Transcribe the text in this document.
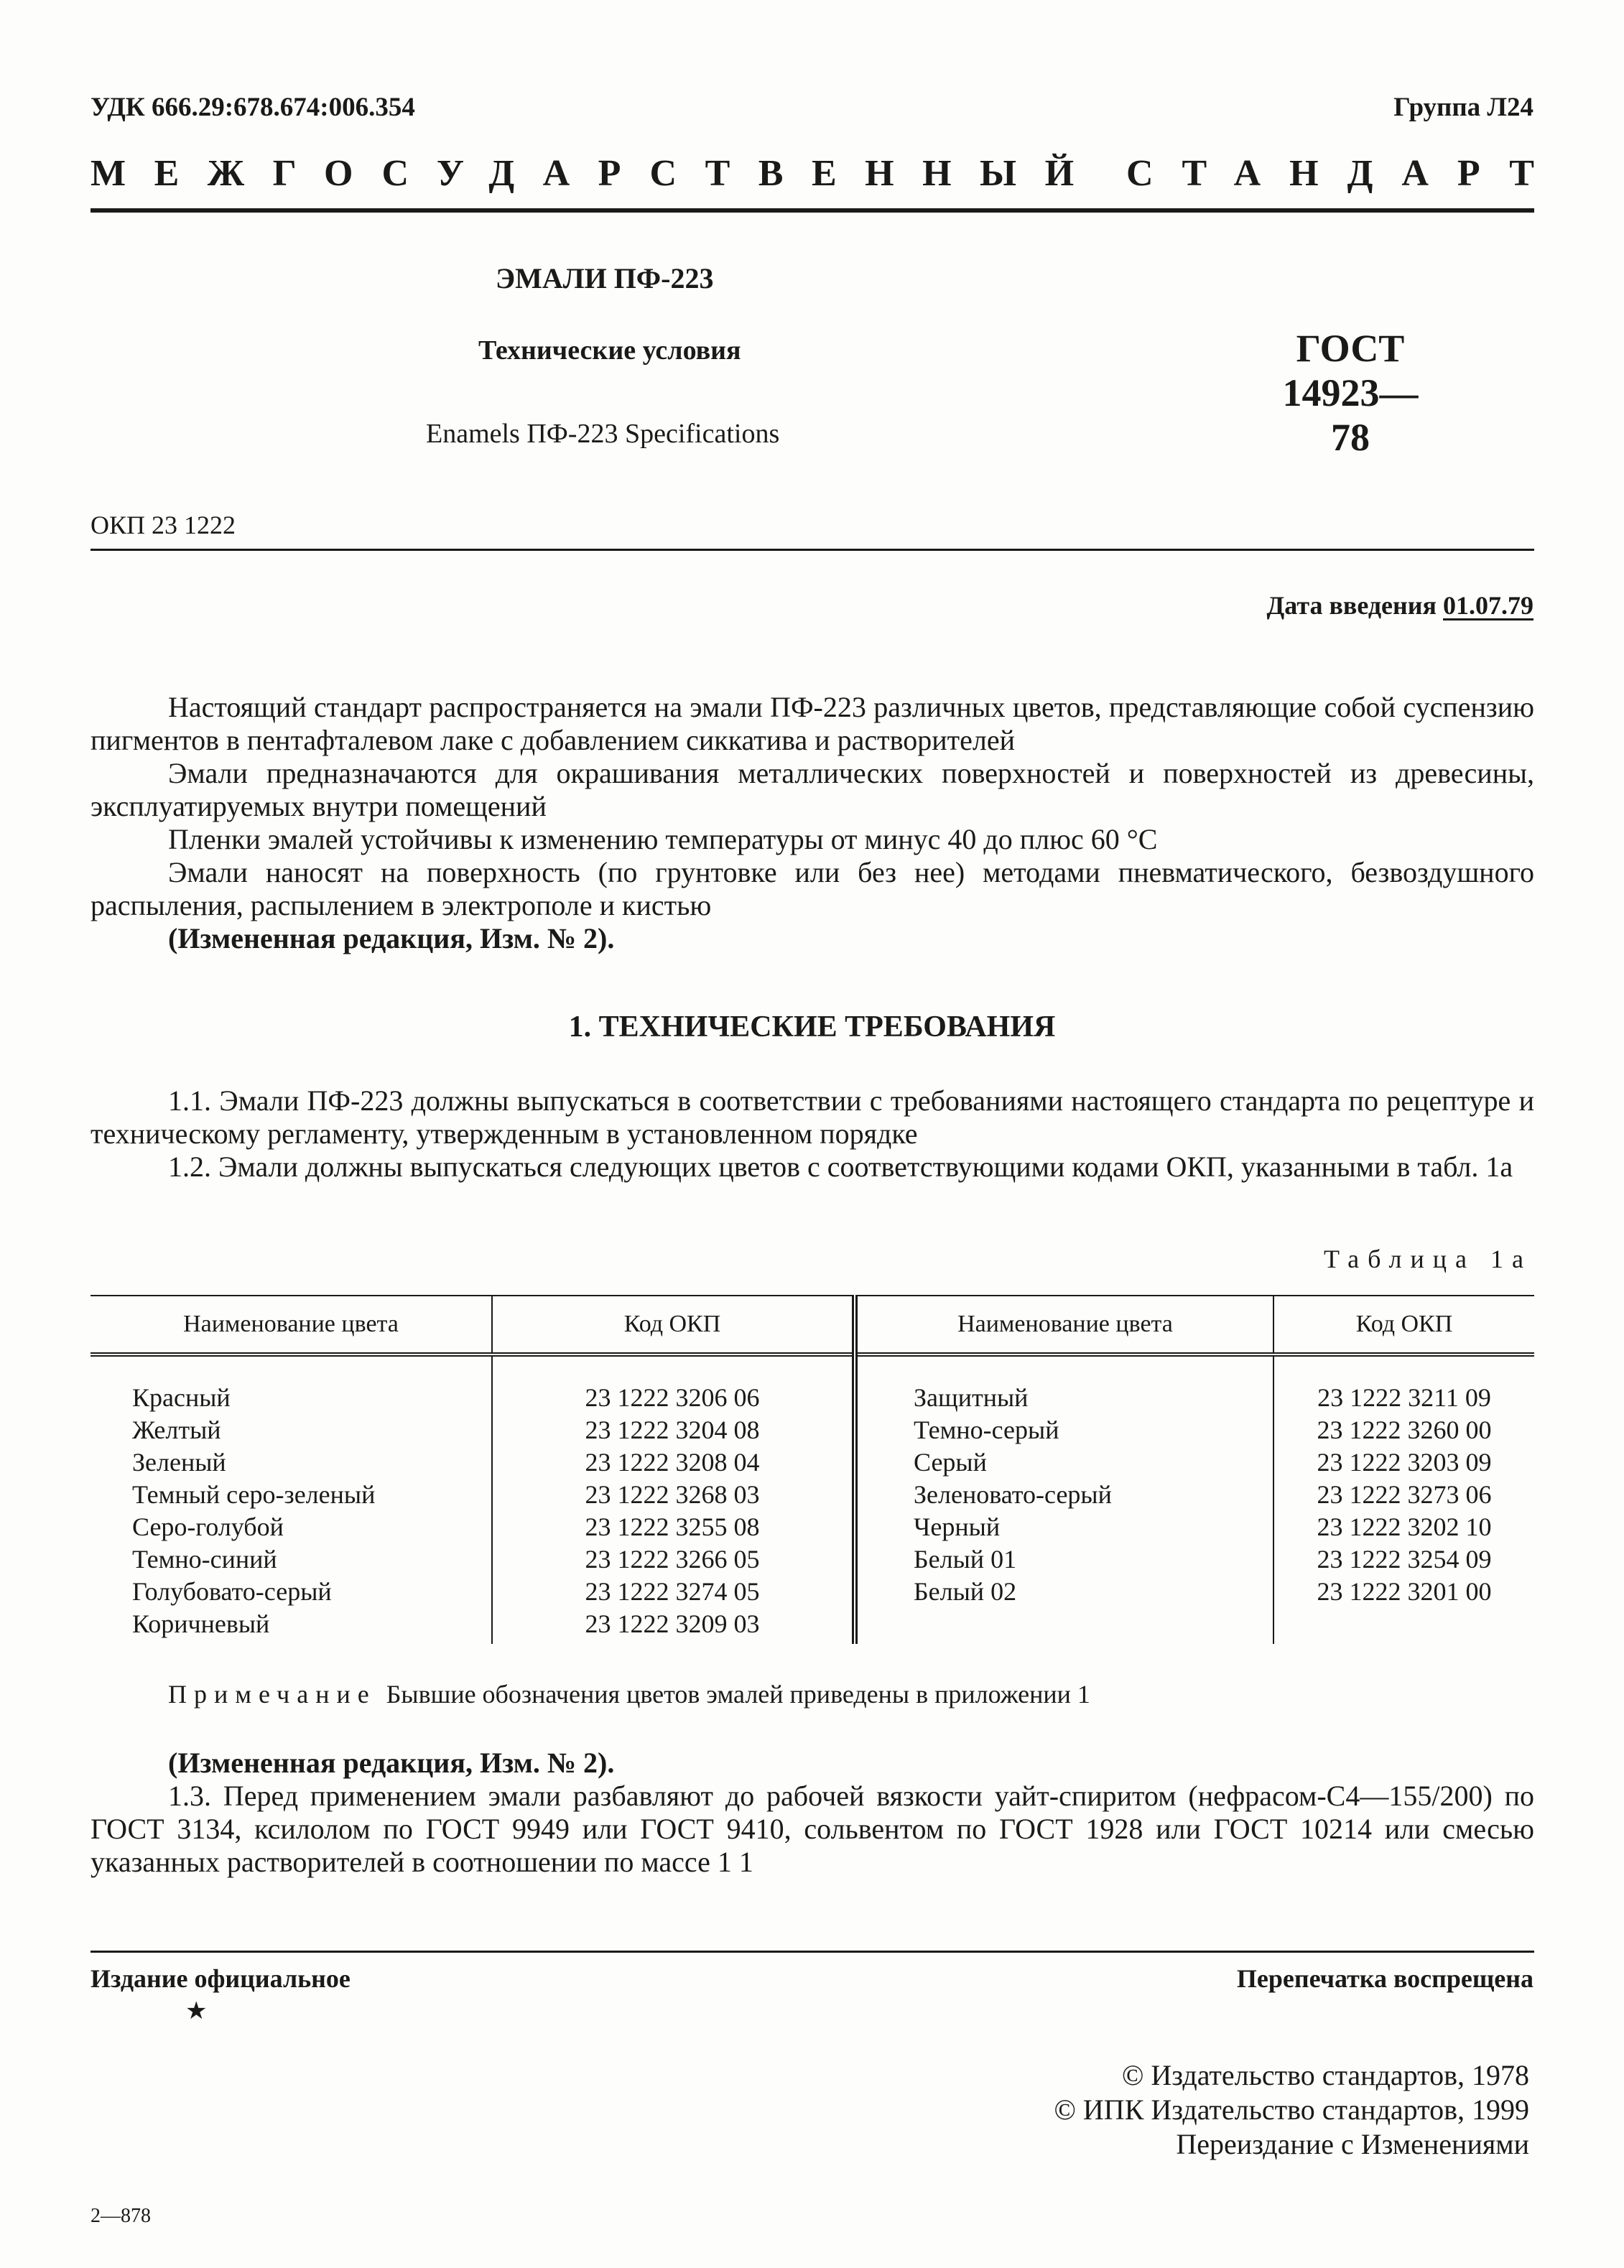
УДК 666.29:678.674:006.354	Группа Л24
МЕЖГОСУДАРСТВЕННЫЙ СТАНДАРТ
ЭМАЛИ ПФ-223
Технические условия	ГОСТ
14923—78
Enamels ПФ-223 Specifications
ОКП 23 1222
Дата введения 01.07.79

Настоящий стандарт распространяется на эмали ПФ-223 различных цветов, представляющие собой суспензию пигментов в пентафталевом лаке с добавлением сиккатива и растворителей

Эмали предназначаются для окрашивания металлических поверхностей и поверхностей из древесины, эксплуатируемых внутри помещений

Пленки эмалей устойчивы к изменению температуры от минус 40 до плюс 60 °С

Эмали наносят на поверхность (по грунтовке или без нее) методами пневматического, безвоздушного распыления, распылением в электрополе и кистью

(Измененная редакция, Изм. № 2).

1. ТЕХНИЧЕСКИЕ ТРЕБОВАНИЯ

1.1. Эмали ПФ-223 должны выпускаться в соответствии с требованиями настоящего стандарта по рецептуре и техническому регламенту, утвержденным в установленном порядке

1.2. Эмали должны выпускаться следующих цветов с соответствующими кодами ОКП, указанными в табл. 1а

Таблица 1а
Наименование цвета	Код ОКП	Наименование цвета	Код ОКП
Красный	23 1222 3206 06	Защитный	23 1222 3211 09
Желтый	23 1222 3204 08	Темно-серый	23 1222 3260 00
Зеленый	23 1222 3208 04	Серый	23 1222 3203 09
Темный серо-зеленый	23 1222 3268 03	Зеленовато-серый	23 1222 3273 06
Серо-голубой	23 1222 3255 08	Черный	23 1222 3202 10
Темно-синий	23 1222 3266 05	Белый 01	23 1222 3254 09
Голубовато-серый	23 1222 3274 05	Белый 02	23 1222 3201 00
Коричневый	23 1222 3209 03		
Примечание Бывшие обозначения цветов эмалей приведены в приложении 1

(Измененная редакция, Изм. № 2).

1.3. Перед применением эмали разбавляют до рабочей вязкости уайт-спиритом (нефрасом-С4—155/200) по ГОСТ 3134, ксилолом по ГОСТ 9949 или ГОСТ 9410, сольвентом по ГОСТ 1928 или ГОСТ 10214 или смесью указанных растворителей в соотношении по массе 1 1

Издание официальное
★
Перепечатка воспрещена
© Издательство стандартов, 1978
© ИПК Издательство стандартов, 1999
Переиздание с Изменениями
2—878
